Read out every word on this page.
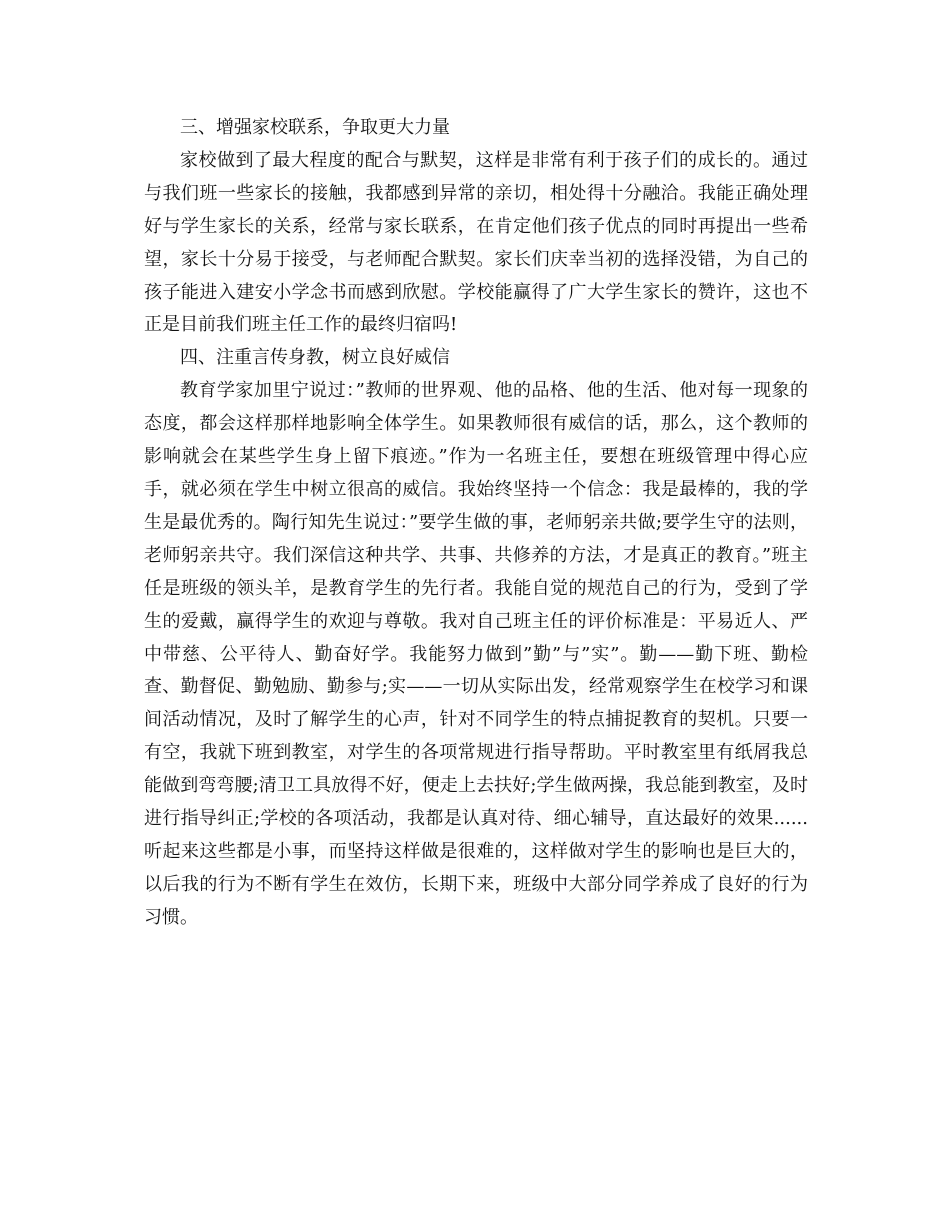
三、增强家校联系，争取更大力量

家校做到了最大程度的配合与默契，这样是非常有利于孩子们的成长的。通过与我们班一些家长的接触，我都感到异常的亲切，相处得十分融洽。我能正确处理好与学生家长的关系，经常与家长联系，在肯定他们孩子优点的同时再提出一些希望，家长十分易于接受，与老师配合默契。家长们庆幸当初的选择没错，为自己的孩子能进入建安小学念书而感到欣慰。学校能赢得了广大学生家长的赞许，这也不正是目前我们班主任工作的最终归宿吗!

四、注重言传身教，树立良好威信

教育学家加里宁说过：”教师的世界观、他的品格、他的生活、他对每一现象的态度，都会这样那样地影响全体学生。如果教师很有威信的话，那么，这个教师的影响就会在某些学生身上留下痕迹。”作为一名班主任，要想在班级管理中得心应手，就必须在学生中树立很高的威信。我始终坚持一个信念：我是最棒的，我的学生是最优秀的。陶行知先生说过：”要学生做的事，老师躬亲共做;要学生守的法则，老师躬亲共守。我们深信这种共学、共事、共修养的方法，才是真正的教育。”班主任是班级的领头羊，是教育学生的先行者。我能自觉的规范自己的行为，受到了学生的爱戴，赢得学生的欢迎与尊敬。我对自己班主任的评价标准是：平易近人、严中带慈、公平待人、勤奋好学。我能努力做到”勤”与”实”。勤——勤下班、勤检查、勤督促、勤勉励、勤参与;实——一切从实际出发，经常观察学生在校学习和课间活动情况，及时了解学生的心声，针对不同学生的特点捕捉教育的契机。只要一有空，我就下班到教室，对学生的各项常规进行指导帮助。平时教室里有纸屑我总能做到弯弯腰;清卫工具放得不好，便走上去扶好;学生做两操，我总能到教室，及时进行指导纠正;学校的各项活动，我都是认真对待、细心辅导，直达最好的效果......听起来这些都是小事，而坚持这样做是很难的，这样做对学生的影响也是巨大的，以后我的行为不断有学生在效仿，长期下来，班级中大部分同学养成了良好的行为习惯。
